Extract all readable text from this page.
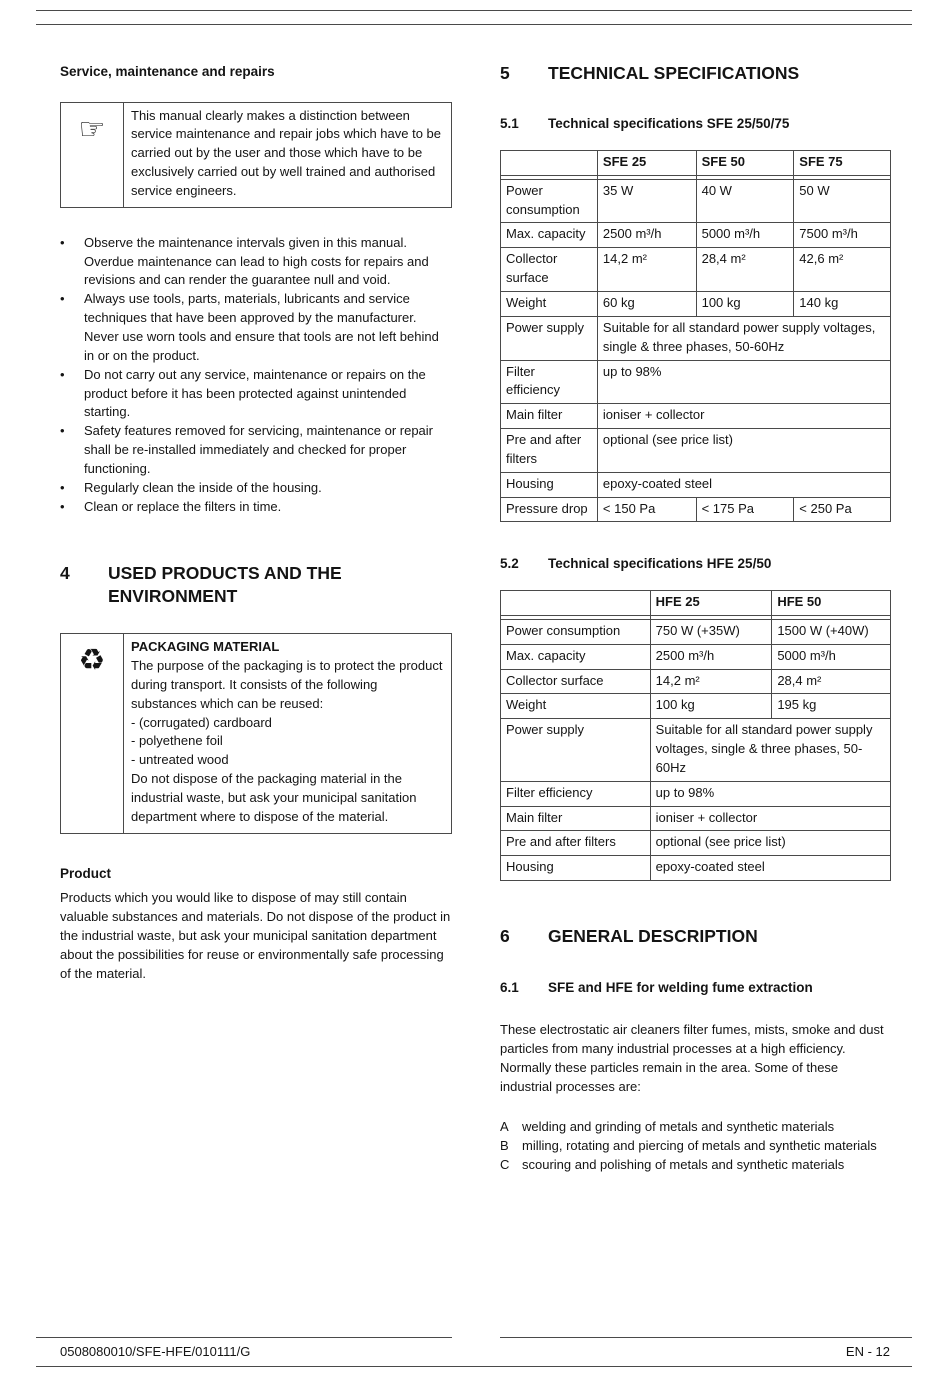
Service, maintenance and repairs
☞	This manual clearly makes a distinction between service maintenance and repair jobs which have to be carried out by the user and those which have to be exclusively carried out by well trained and authorised service engineers.
• Observe the maintenance intervals given in this manual. Overdue maintenance can lead to high costs for repairs and revisions and can render the guarantee null and void.
• Always use tools, parts, materials, lubricants and service techniques that have been approved by the manufacturer. Never use worn tools and ensure that tools are not left behind in or on the product.
• Do not carry out any service, maintenance or repairs on the product before it has been protected against unintended starting.
• Safety features removed for servicing, maintenance or repair shall be re-installed immediately and checked for proper functioning.
• Regularly clean the inside of the housing.
• Clean or replace the filters in time.
4	USED PRODUCTS AND THE ENVIRONMENT
♻	PACKAGING MATERIAL
The purpose of the packaging is to protect the product during transport. It consists of the following substances which can be reused:
- (corrugated) cardboard
- polyethene foil
- untreated wood
Do not dispose of the packaging material in the industrial waste, but ask your municipal sanitation department where to dispose of the material.
Product
Products which you would like to dispose of may still contain valuable substances and materials. Do not dispose of the product in the industrial waste, but ask your municipal sanitation department about the possibilities for reuse or environmentally safe processing of the material.
5	TECHNICAL SPECIFICATIONS
5.1	Technical specifications SFE 25/50/75
	SFE 25	SFE 50	SFE 75

Power consumption	35 W	40 W	50 W
Max. capacity	2500 m³/h	5000 m³/h	7500 m³/h
Collector surface	14,2 m²	28,4 m²	42,6 m²
Weight	60 kg	100 kg	140 kg
Power supply	Suitable for all standard power supply voltages, single & three phases, 50-60Hz		
Filter efficiency	up to 98%		
Main filter	ioniser + collector		
Pre and after filters	optional (see price list)		
Housing	epoxy-coated steel		
Pressure drop	< 150 Pa	< 175 Pa	< 250 Pa
5.2	Technical specifications HFE 25/50
	HFE 25	HFE 50

Power consumption	750 W (+35W)	1500 W (+40W)
Max. capacity	2500 m³/h	5000 m³/h
Collector surface	14,2 m²	28,4 m²
Weight	100 kg	195 kg
Power supply	Suitable for all standard power supply voltages, single & three phases, 50-60Hz	
Filter efficiency	up to 98%	
Main filter	ioniser + collector	
Pre and after filters	optional (see price list)	
Housing	epoxy-coated steel	
6	GENERAL DESCRIPTION
6.1	SFE and HFE for welding fume extraction
These electrostatic air cleaners filter fumes, mists, smoke and dust particles from many industrial processes at a high efficiency. Normally these particles remain in the area. Some of these industrial processes are:
A	welding and grinding of metals and synthetic materials
B	milling, rotating and piercing of metals and synthetic materials
C scouring and polishing of metals and synthetic materials
0508080010/SFE-HFE/010111/G	EN - 12
